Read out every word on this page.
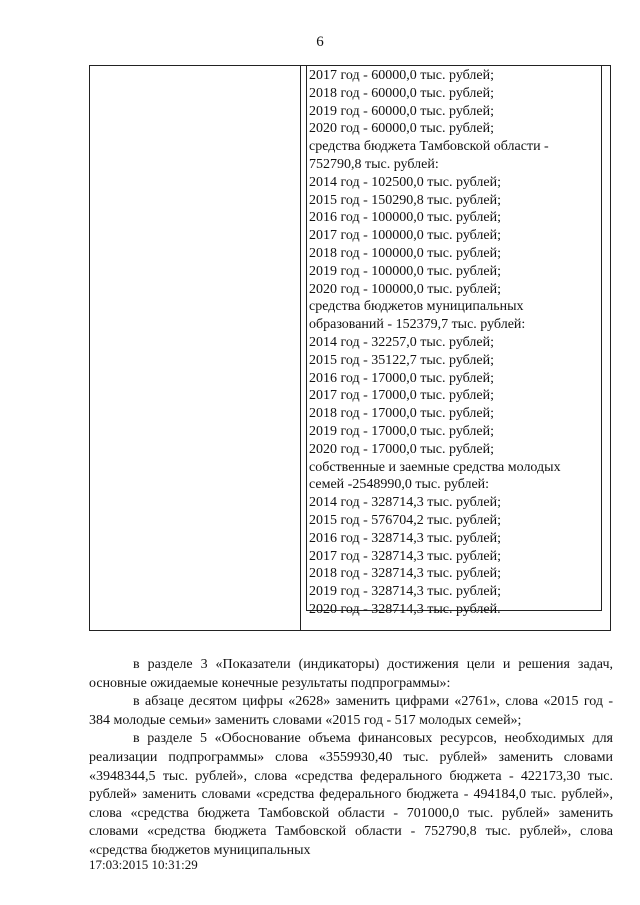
6
2017 год - 60000,0 тыс. рублей;
2018 год - 60000,0 тыс. рублей;
2019 год - 60000,0 тыс. рублей;
2020 год - 60000,0 тыс. рублей;
средства бюджета Тамбовской области -
752790,8 тыс. рублей:
2014 год - 102500,0 тыс. рублей;
2015 год - 150290,8 тыс. рублей;
2016 год - 100000,0 тыс. рублей;
2017 год - 100000,0 тыс. рублей;
2018 год - 100000,0 тыс. рублей;
2019 год - 100000,0 тыс. рублей;
2020 год - 100000,0 тыс. рублей;
средства бюджетов муниципальных
образований - 152379,7 тыс. рублей:
2014 год - 32257,0 тыс. рублей;
2015 год - 35122,7 тыс. рублей;
2016 год - 17000,0 тыс. рублей;
2017 год - 17000,0 тыс. рублей;
2018 год - 17000,0 тыс. рублей;
2019 год - 17000,0 тыс. рублей;
2020 год - 17000,0 тыс. рублей;
собственные и заемные средства молодых
семей -2548990,0 тыс. рублей:
2014 год - 328714,3 тыс. рублей;
2015 год - 576704,2 тыс. рублей;
2016 год - 328714,3 тыс. рублей;
2017 год - 328714,3 тыс. рублей;
2018 год - 328714,3 тыс. рублей;
2019 год - 328714,3 тыс. рублей;
2020 год - 328714,3 тыс. рублей.

в разделе 3 «Показатели (индикаторы) достижения цели и решения задач, основные ожидаемые конечные результаты подпрограммы»:

в абзаце десятом цифры «2628» заменить цифрами «2761», слова «2015 год - 384 молодые семьи» заменить словами «2015 год - 517 молодых семей»;

в разделе 5 «Обоснование объема финансовых ресурсов, необходимых для реализации подпрограммы» слова «3559930,40 тыс. рублей» заменить словами «3948344,5 тыс. рублей», слова «средства федерального бюджета - 422173,30 тыс. рублей» заменить словами «средства федерального бюджета - 494184,0 тыс. рублей», слова «средства бюджета Тамбовской области - 701000,0 тыс. рублей» заменить словами «средства бюджета Тамбовской области - 752790,8 тыс. рублей», слова «средства бюджетов муниципальных

17:03:2015 10:31:29
